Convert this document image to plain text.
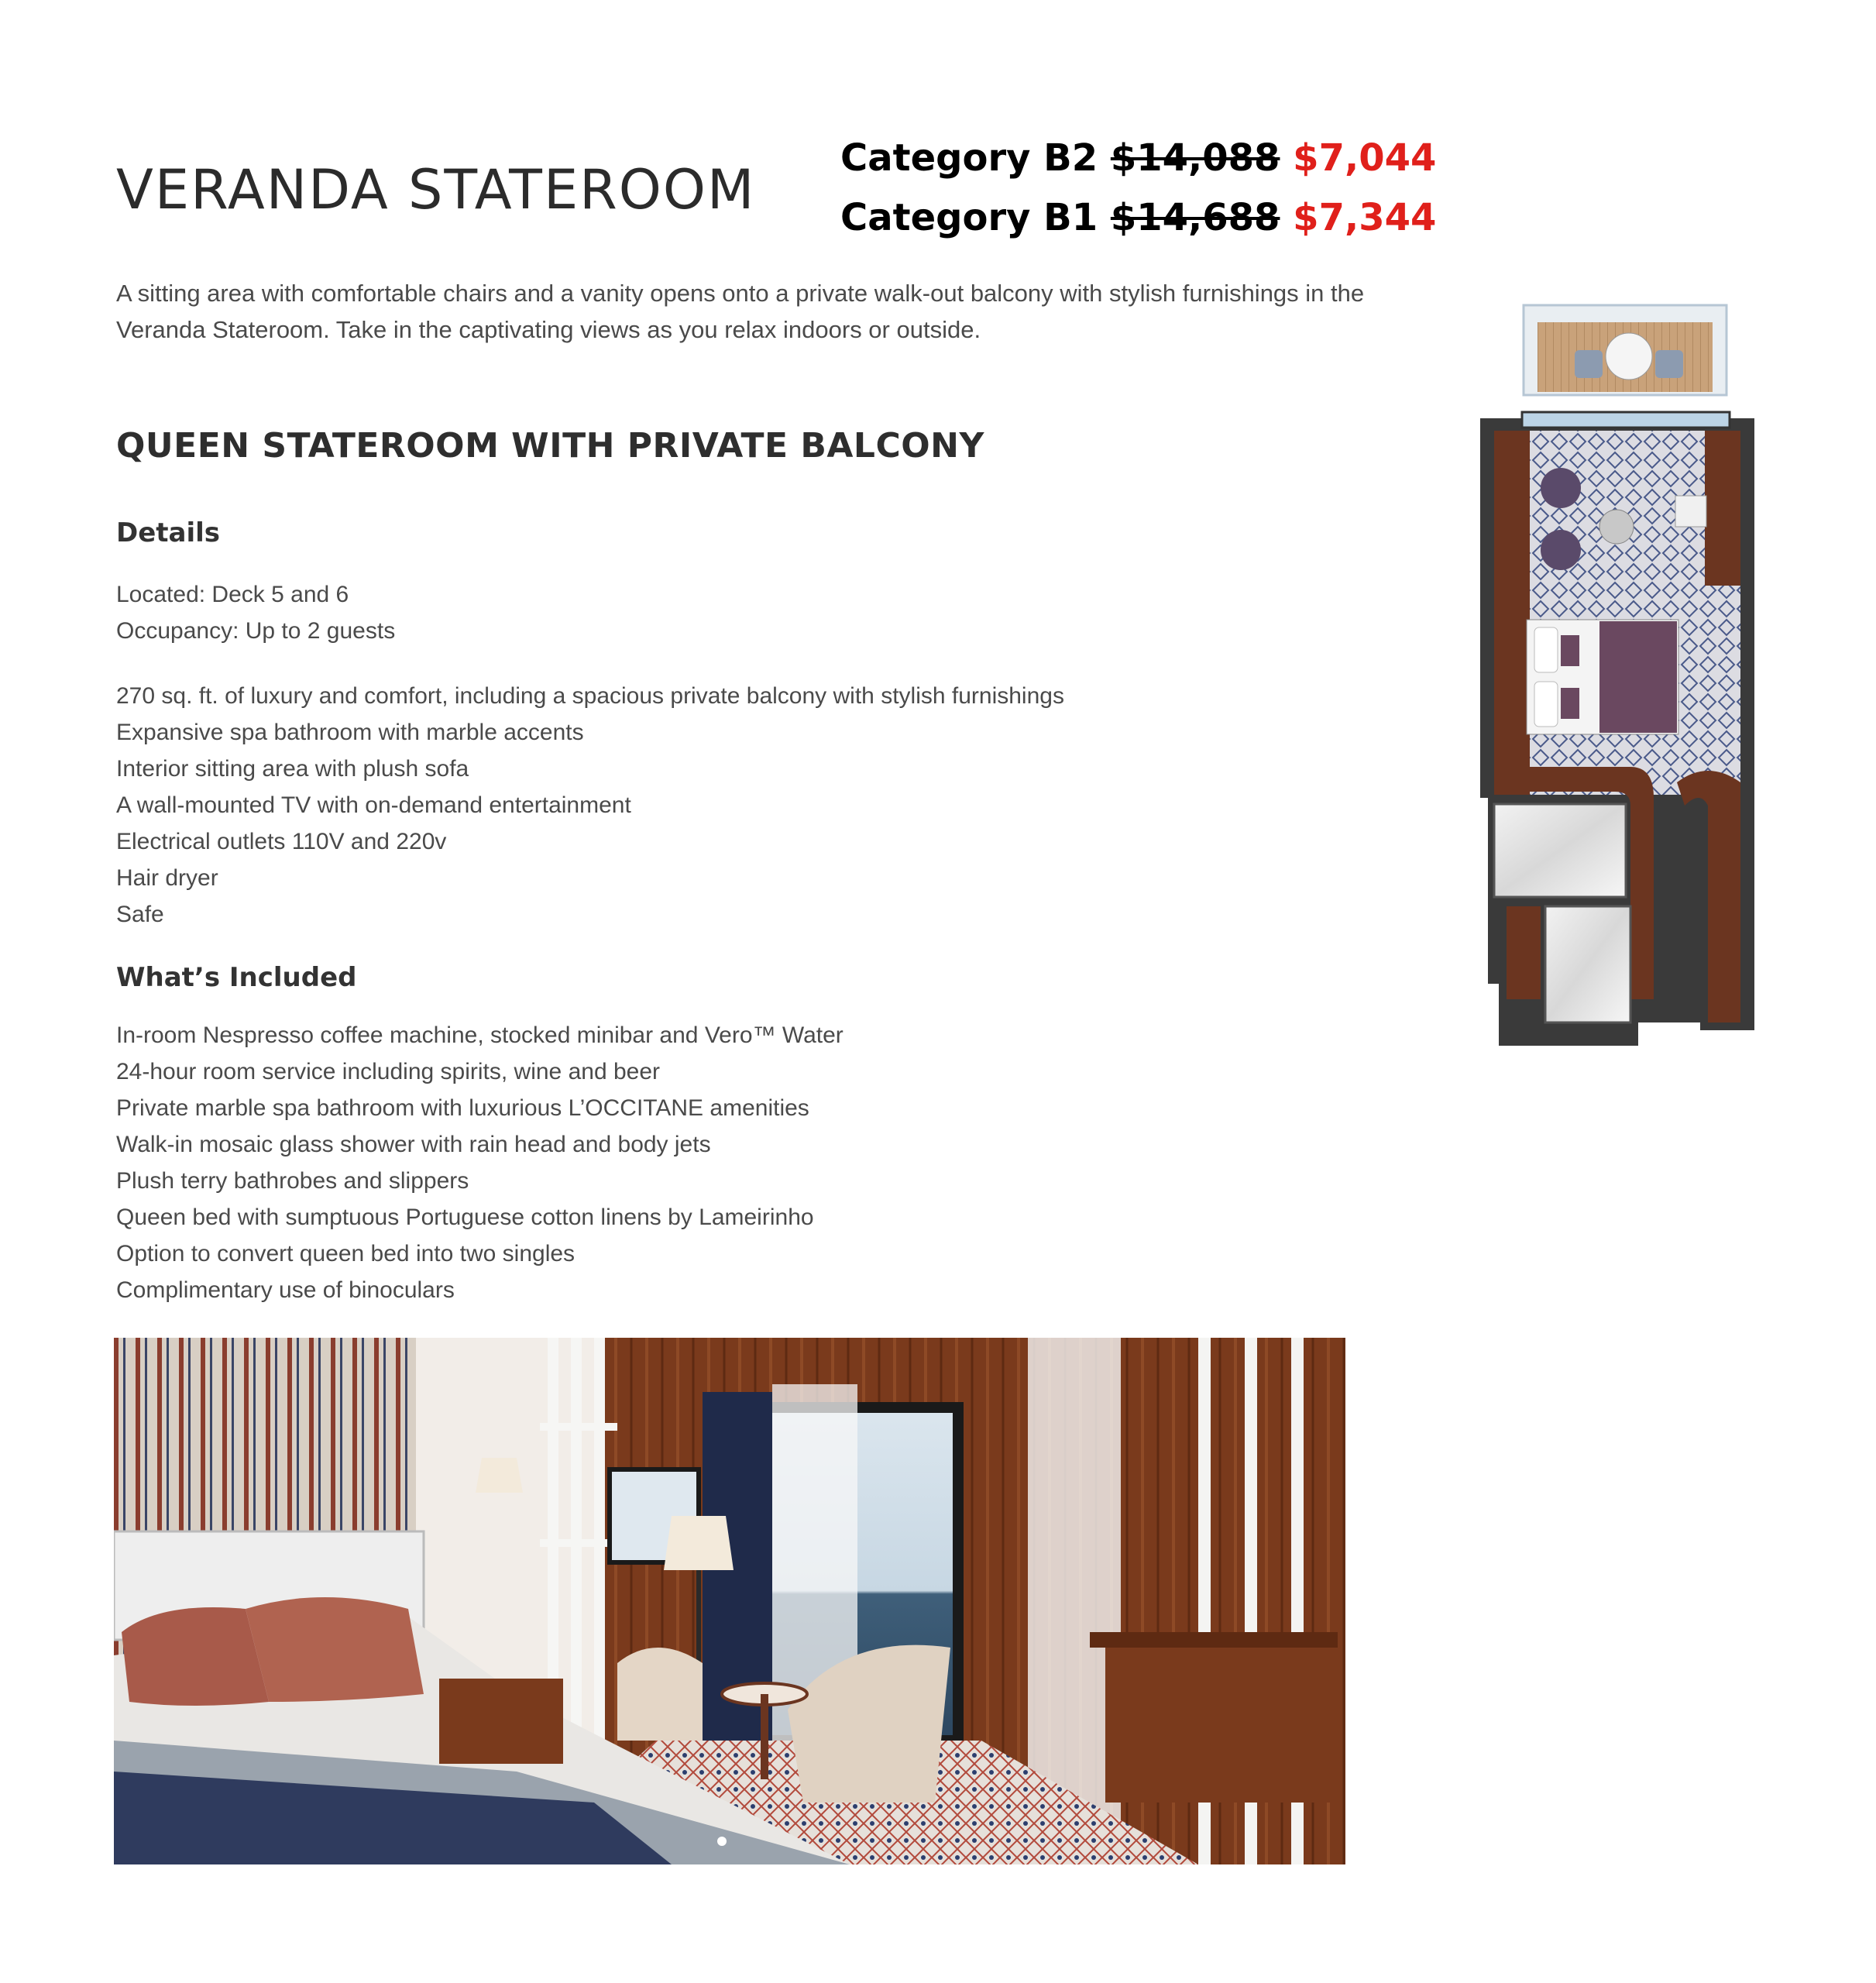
VERANDA STATEROOM Category B2 $14,088 $7,044
Category B1 $14,688 $7,344

A sitting area with comfortable chairs and a vanity opens onto a private walk-out balcony with stylish furnishings in the Veranda Stateroom. Take in the captivating views as you relax indoors or outside.

QUEEN STATEROOM WITH PRIVATE BALCONY
Details
Located: Deck 5 and 6
Occupancy: Up to 2 guests
270 sq. ft. of luxury and comfort, including a spacious private balcony with stylish furnishings
Expansive spa bathroom with marble accents
Interior sitting area with plush sofa
A wall-mounted TV with on-demand entertainment
Electrical outlets 110V and 220v
Hair dryer
Safe
What’s Included
In-room Nespresso coffee machine, stocked minibar and Vero™ Water
24-hour room service including spirits, wine and beer
Private marble spa bathroom with luxurious L’OCCITANE amenities
Walk-in mosaic glass shower with rain head and body jets
Plush terry bathrobes and slippers
Queen bed with sumptuous Portuguese cotton linens by Lameirinho
Option to convert queen bed into two singles
Complimentary use of binoculars
